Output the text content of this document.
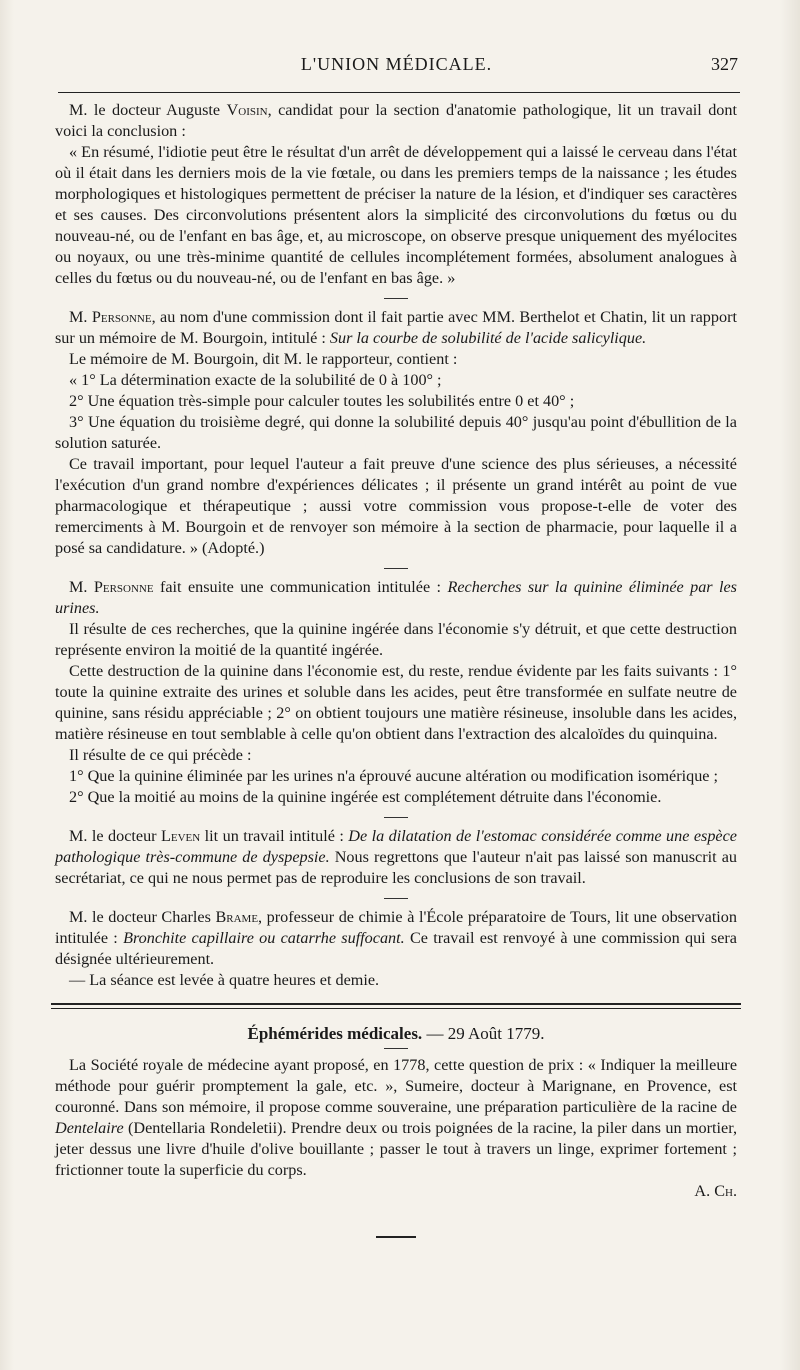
L'UNION MÉDICALE.	327

M. le docteur Auguste Voisin, candidat pour la section d'anatomie pathologique, lit un travail dont voici la conclusion :

« En résumé, l'idiotie peut être le résultat d'un arrêt de développement qui a laissé le cerveau dans l'état où il était dans les derniers mois de la vie fœtale, ou dans les premiers temps de la naissance ; les études morphologiques et histologiques permettent de préciser la nature de la lésion, et d'indiquer ses caractères et ses causes. Des circonvolutions présentent alors la simplicité des circonvolutions du fœtus ou du nouveau-né, ou de l'enfant en bas âge, et, au microscope, on observe presque uniquement des myélocites ou noyaux, ou une très-minime quantité de cellules incomplétement formées, absolument analogues à celles du fœtus ou du nouveau-né, ou de l'enfant en bas âge. »

M. Personne, au nom d'une commission dont il fait partie avec MM. Berthelot et Chatin, lit un rapport sur un mémoire de M. Bourgoin, intitulé : Sur la courbe de solubilité de l'acide salicylique.

Le mémoire de M. Bourgoin, dit M. le rapporteur, contient :

« 1° La détermination exacte de la solubilité de 0 à 100° ;

2° Une équation très-simple pour calculer toutes les solubilités entre 0 et 40° ;

3° Une équation du troisième degré, qui donne la solubilité depuis 40° jusqu'au point d'ébullition de la solution saturée.

Ce travail important, pour lequel l'auteur a fait preuve d'une science des plus sérieuses, a nécessité l'exécution d'un grand nombre d'expériences délicates ; il présente un grand intérêt au point de vue pharmacologique et thérapeutique ; aussi votre commission vous propose-t-elle de voter des remerciments à M. Bourgoin et de renvoyer son mémoire à la section de pharmacie, pour laquelle il a posé sa candidature. » (Adopté.)

M. Personne fait ensuite une communication intitulée : Recherches sur la quinine éliminée par les urines.

Il résulte de ces recherches, que la quinine ingérée dans l'économie s'y détruit, et que cette destruction représente environ la moitié de la quantité ingérée.

Cette destruction de la quinine dans l'économie est, du reste, rendue évidente par les faits suivants : 1° toute la quinine extraite des urines et soluble dans les acides, peut être transformée en sulfate neutre de quinine, sans résidu appréciable ; 2° on obtient toujours une matière résineuse, insoluble dans les acides, matière résineuse en tout semblable à celle qu'on obtient dans l'extraction des alcaloïdes du quinquina.

Il résulte de ce qui précède :

1° Que la quinine éliminée par les urines n'a éprouvé aucune altération ou modification isomérique ;

2° Que la moitié au moins de la quinine ingérée est complétement détruite dans l'économie.

M. le docteur Leven lit un travail intitulé : De la dilatation de l'estomac considérée comme une espèce pathologique très-commune de dyspepsie. Nous regrettons que l'auteur n'ait pas laissé son manuscrit au secrétariat, ce qui ne nous permet pas de reproduire les conclusions de son travail.

M. le docteur Charles Brame, professeur de chimie à l'École préparatoire de Tours, lit une observation intitulée : Bronchite capillaire ou catarrhe suffocant. Ce travail est renvoyé à une commission qui sera désignée ultérieurement.

— La séance est levée à quatre heures et demie.

Éphémérides médicales. — 29 Août 1779.

La Société royale de médecine ayant proposé, en 1778, cette question de prix : « Indiquer la meilleure méthode pour guérir promptement la gale, etc. », Sumeire, docteur à Marignane, en Provence, est couronné. Dans son mémoire, il propose comme souveraine, une préparation particulière de la racine de Dentelaire (Dentellaria Rondeletii). Prendre deux ou trois poignées de la racine, la piler dans un mortier, jeter dessus une livre d'huile d'olive bouillante ; passer le tout à travers un linge, exprimer fortement ; frictionner toute la superficie du corps.

A. Ch.
